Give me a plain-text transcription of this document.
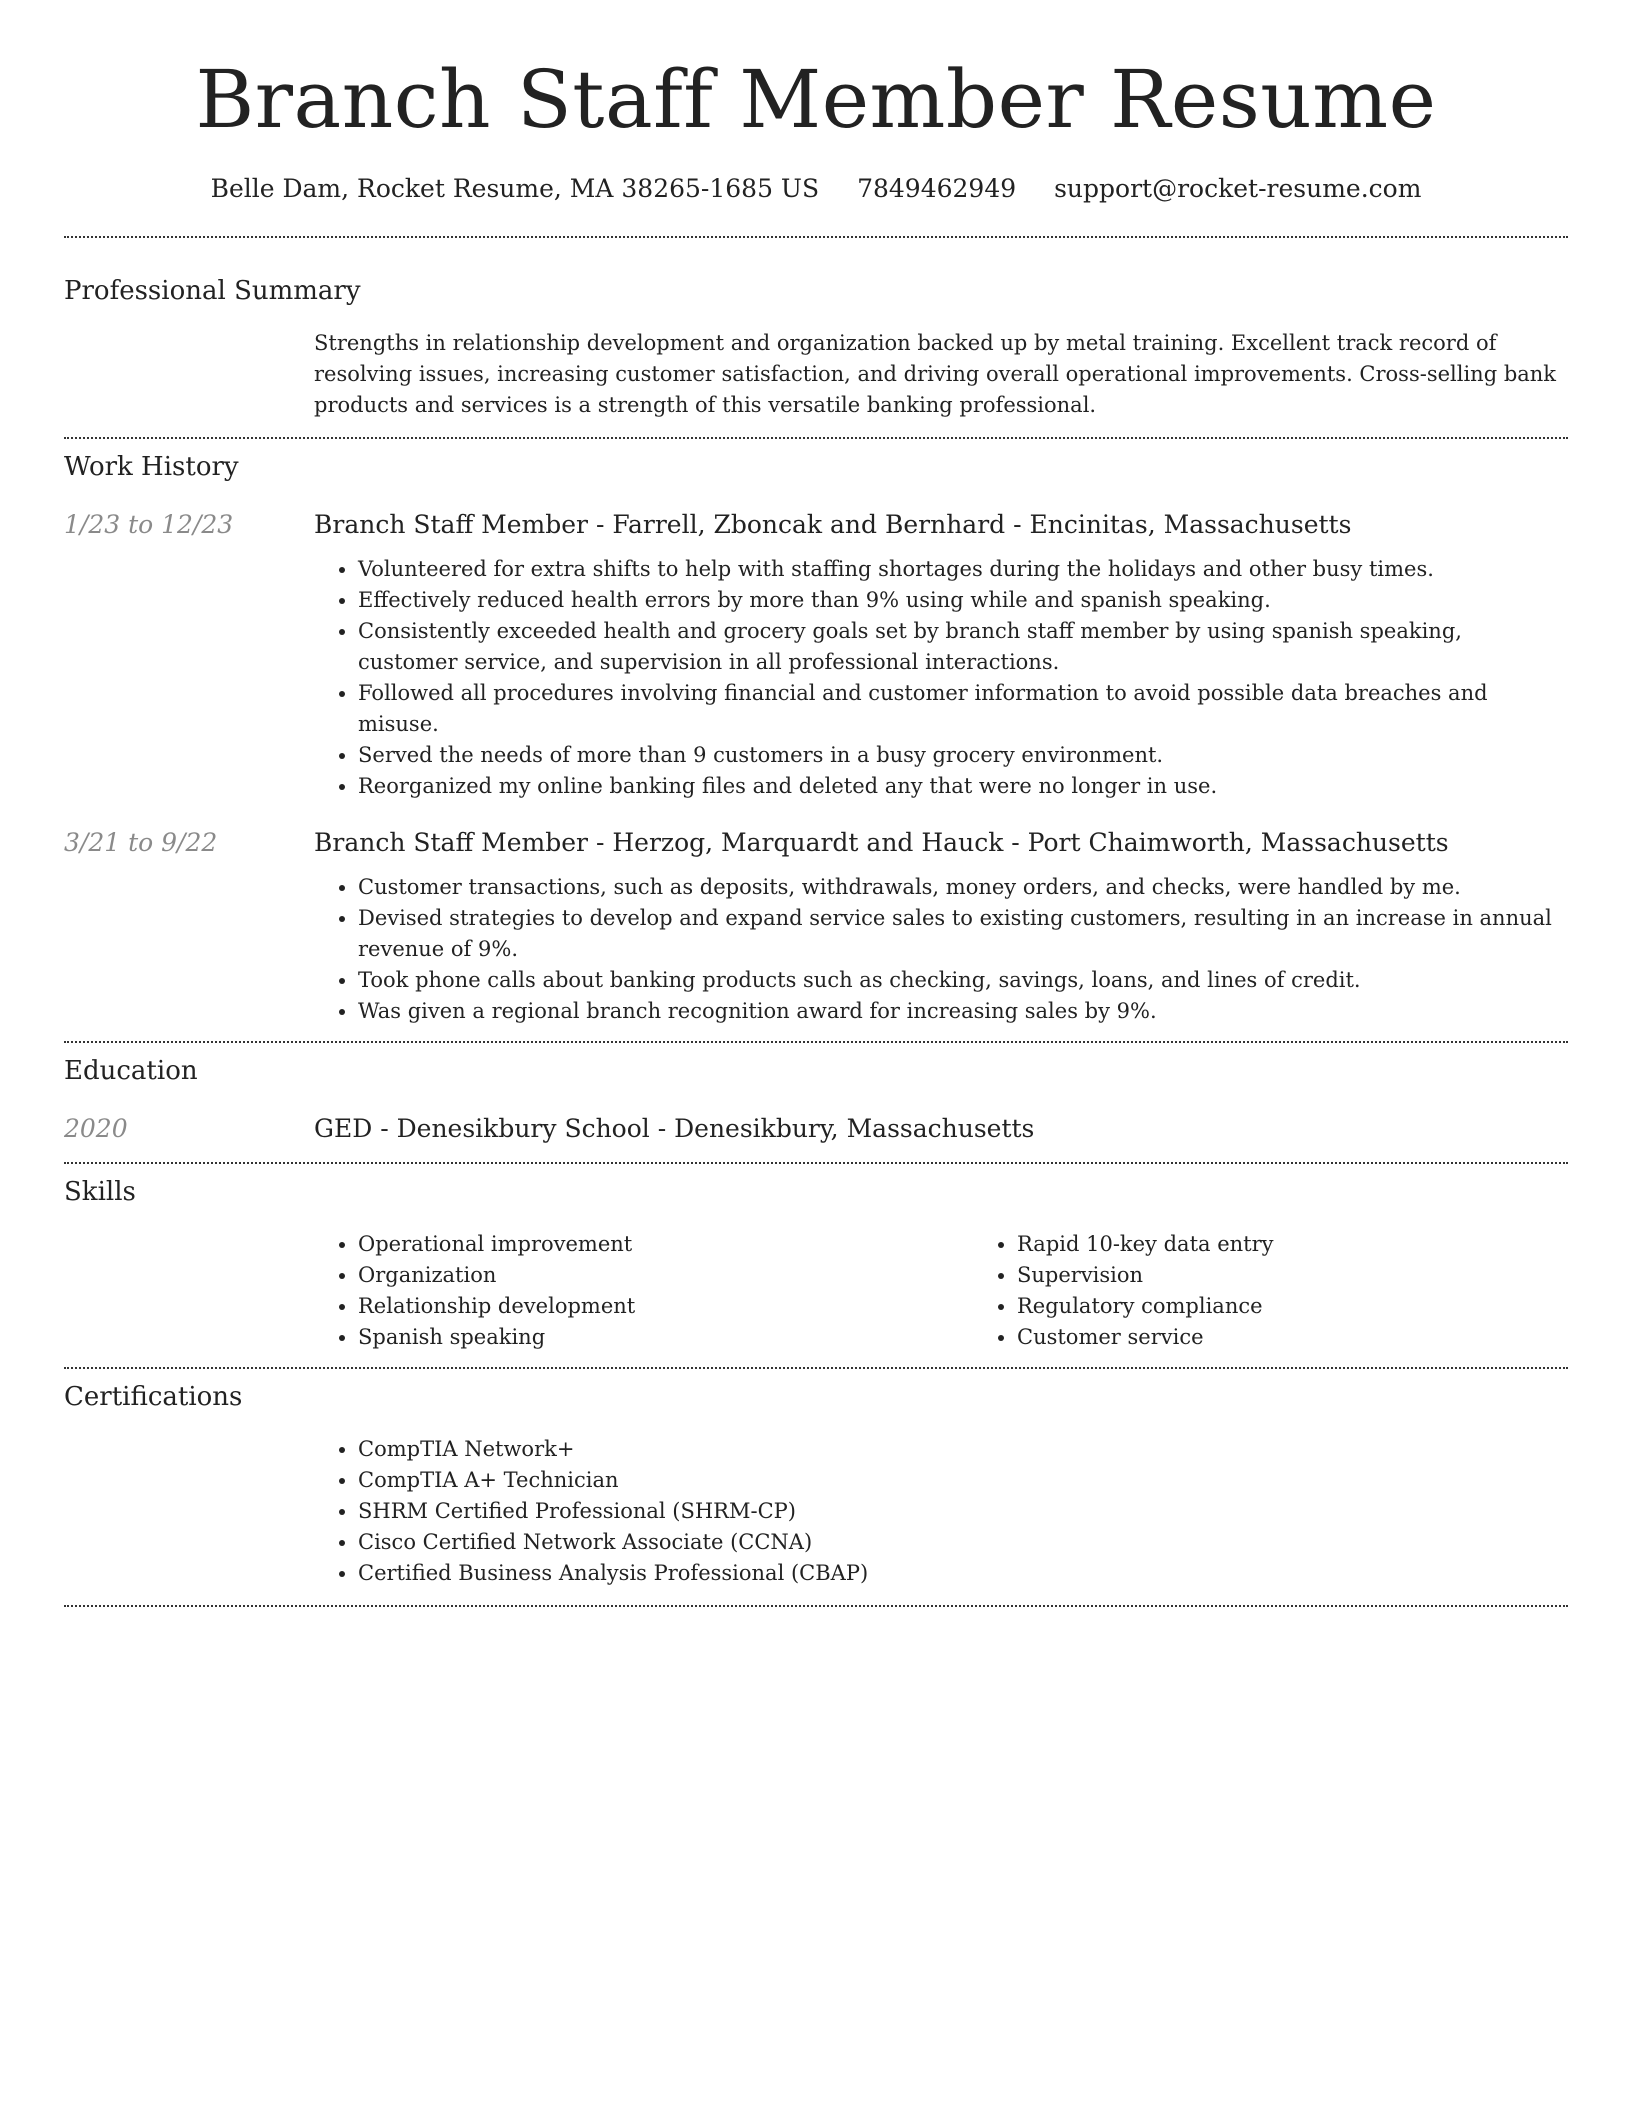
Branch Staff Member Resume
Belle Dam, Rocket Resume, MA 38265-1685 US 7849462949 support@rocket-resume.com
Professional Summary

Strengths in relationship development and organization backed up by metal training. Excellent track record of resolving issues, increasing customer satisfaction, and driving overall operational improvements. Cross-selling bank products and services is a strength of this versatile banking professional.

Work History
1/23 to 12/23	Branch Staff Member - Farrell, Zboncak and Bernhard - Encinitas, Massachusetts

• Volunteered for extra shifts to help with staffing shortages during the holidays and other busy times.
• Effectively reduced health errors by more than 9% using while and spanish speaking.
• Consistently exceeded health and grocery goals set by branch staff member by using spanish speaking, customer service, and supervision in all professional interactions.
• Followed all procedures involving financial and customer information to avoid possible data breaches and misuse.
• Served the needs of more than 9 customers in a busy grocery environment.
• Reorganized my online banking files and deleted any that were no longer in use.
3/21 to 9/22	Branch Staff Member - Herzog, Marquardt and Hauck - Port Chaimworth, Massachusetts

• Customer transactions, such as deposits, withdrawals, money orders, and checks, were handled by me.
• Devised strategies to develop and expand service sales to existing customers, resulting in an increase in annual revenue of 9%.
• Took phone calls about banking products such as checking, savings, loans, and lines of credit.
• Was given a regional branch recognition award for increasing sales by 9%.
Education
2020	GED - Denesikbury School - Denesikbury, Massachusetts

Skills
• Operational improvement
• Organization
• Relationship development
• Spanish speaking
• Rapid 10-key data entry
• Supervision
• Regulatory compliance
• Customer service
Certifications
• CompTIA Network+
• CompTIA A+ Technician
• SHRM Certified Professional (SHRM-CP)
• Cisco Certified Network Associate (CCNA)
• Certified Business Analysis Professional (CBAP)
